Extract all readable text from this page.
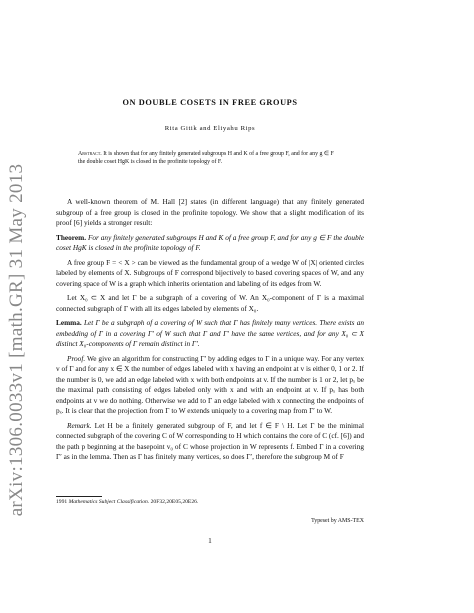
arXiv:1306.0033v1 [math.GR] 31 May 2013
ON DOUBLE COSETS IN FREE GROUPS
Rita Gitik and Eliyahu Rips
Abstract. It is shown that for any finitely generated subgroups H and K of a free group F, and for any g ∈ F the double coset HgK is closed in the profinite topology of F.

A well-known theorem of M. Hall [2] states (in different language) that any finitely generated subgroup of a free group is closed in the profinite topology. We show that a slight modification of its proof [6] yields a stronger result:

Theorem. For any finitely generated subgroups H and K of a free group F, and for any g ∈ F the double coset HgK is closed in the profinite topology of F.

A free group F = < X > can be viewed as the fundamental group of a wedge W of |X| oriented circles labeled by elements of X. Subgroups of F correspond bijectively to based covering spaces of W, and any covering space of W is a graph which inherits orientation and labeling of its edges from W.

Let X₀ ⊂ X and let Γ be a subgraph of a covering of W. An X₀-component of Γ is a maximal connected subgraph of Γ with all its edges labeled by elements of X₀.

Lemma. Let Γ be a subgraph of a covering of W such that Γ has finitely many vertices. There exists an embedding of Γ in a covering Γ′ of W such that Γ and Γ′ have the same vertices, and for any X₀ ⊂ X distinct X₀-components of Γ remain distinct in Γ′.

Proof. We give an algorithm for constructing Γ′ by adding edges to Γ in a unique way. For any vertex v of Γ and for any x ∈ X the number of edges labeled with x having an endpoint at v is either 0, 1 or 2. If the number is 0, we add an edge labeled with x with both endpoints at v. If the number is 1 or 2, let pₓ be the maximal path consisting of edges labeled only with x and with an endpoint at v. If pₓ has both endpoints at v we do nothing. Otherwise we add to Γ an edge labeled with x connecting the endpoints of pₓ. It is clear that the projection from Γ to W extends uniquely to a covering map from Γ′ to W.

Remark. Let H be a finitely generated subgroup of F, and let f ∈ F \ H. Let Γ be the minimal connected subgraph of the covering C of W corresponding to H which contains the core of C (cf. [6]) and the path p beginning at the basepoint v₀ of C whose projection in W represents f. Embed Γ in a covering Γ′ as in the lemma. Then as Γ has finitely many vertices, so does Γ′, therefore the subgroup M of F

1991 Mathematics Subject Classification. 20F32,20E05,20E26.
Typeset by AMS-TEX
1
